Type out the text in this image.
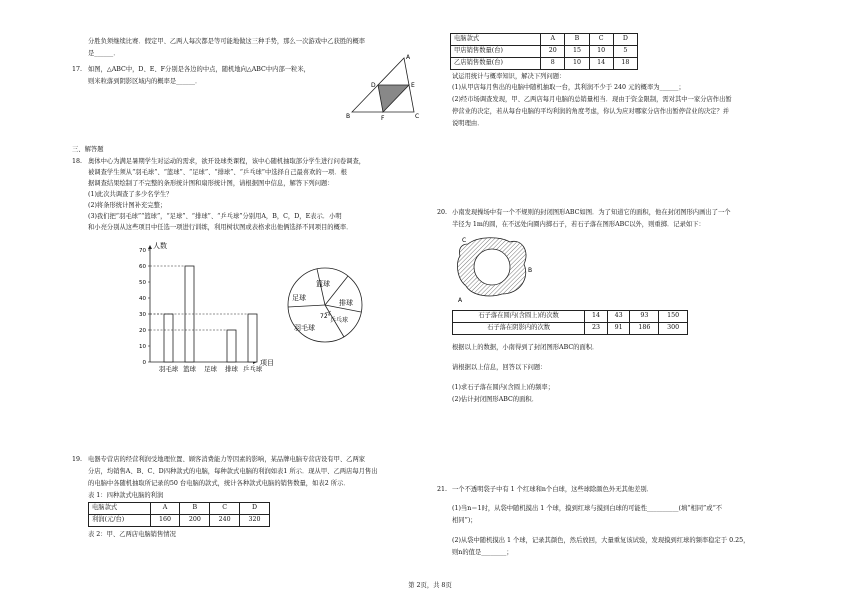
分胜负须继续比赛．假定甲、乙两人每次都是等可能地做这三种手势，那么一次游戏中乙获胜的概率
是______．
17. 如图，△ABC中，D、E、F分别是各边的中点，随机地向△ABC中内部一粒米，
则米粒落到阴影区域内的概率是______．
A
B	C
D	E
F
三、解答题
18. 奥体中心为满足暑期学生对运动的需求，欲开设球类课程，该中心随机抽取部分学生进行问卷调查，
被调查学生须从“羽毛球”、“篮球”、“足球”、“排球”、“乒乓球”中选择自己最喜欢的一项．根
据调查结果绘制了不完整的条形统计图和扇形统计图，请根据图中信息，解答下列问题：
(1)此次共调查了多少名学生？
(2)将条形统计图补充完整；
(3)我们把“羽毛球”“篮球”，“足球”、“排球”、“乒乓球”分别用A，B，C，D，E表示．小明
和小亮分别从这些项目中任选一项进行训练，利用树状图或表格求出他俩选择不同项目的概率．
人数
项目
0
10
20
30
40
50
60
70
羽毛球 篮球 足球 排球 乒乓球
篮球
排球
乒乓球
羽毛球
足球
72°
19. 电器专营店的经营利润受地理位置、顾客消费能力等因素的影响，某品牌电脑专营店设有甲、乙两家
分店，均销售A、B、C、D四种款式的电脑，每种款式电脑的利润如表1 所示．现从甲、乙两店每月售出
的电脑中各随机抽取所记录的50 台电脑的款式，统计各种款式电脑的销售数量，如表2 所示．
表 1：四种款式电脑的利润
电脑款式	A	B	C	D
利润(元/台)	160	200	240	320
表 2：甲、乙两店电脑销售情况
电脑款式	A	B	C	D
甲店销售数量(台)	20	15	10	5
乙店销售数量(台)	8	10	14	18
试运用统计与概率知识，解决下列问题：
(1)从甲店每月售出的电脑中随机抽取一台，其利润不少于 240 元的概率为______；
(2)经市场调查发现，甲、乙两店每月电脑的总销量相当．现由于资金限制，需对其中一家分店作出暂
停营业的决定，若从每台电脑的平均利润的角度考虑，你认为应对哪家分店作出暂停营业的决定？并
说明理由．
20. 小南发现操场中有一个不规则的封闭图形ABC如图．为了知道它的面积，他在封闭图形内画出了一个
半径为 1m的圆，在不远处向圈内掷石子，若石子落在图形ABC以外，则重掷．记录如下：
C
B
A
石子落在圆内(含圆上)的次数	14	43	93	150
石子落在阴影内的次数	23	91	186	300
根据以上的数据，小南得到了封闭图形ABC的面积．
请根据以上信息，回答以下问题：
(1)求石子落在圆内(含圆上)的频率；
(2)估计封闭图形ABC的面积．
21. 一个不透明袋子中有 1 个红球和n个白球，这些球除颜色外无其他差别．
(1)当n＝1时，从袋中随机摸出 1 个球，摸到红球与摸到白球的可能性__________(填“相同”或“不
相同”)；
(2)从袋中随机摸出 1 个球，记录其颜色，然后放回，大量重复该试验，发现摸到红球的频率稳定于 0.25，
则n的值是________；
第 2页，共 8页
